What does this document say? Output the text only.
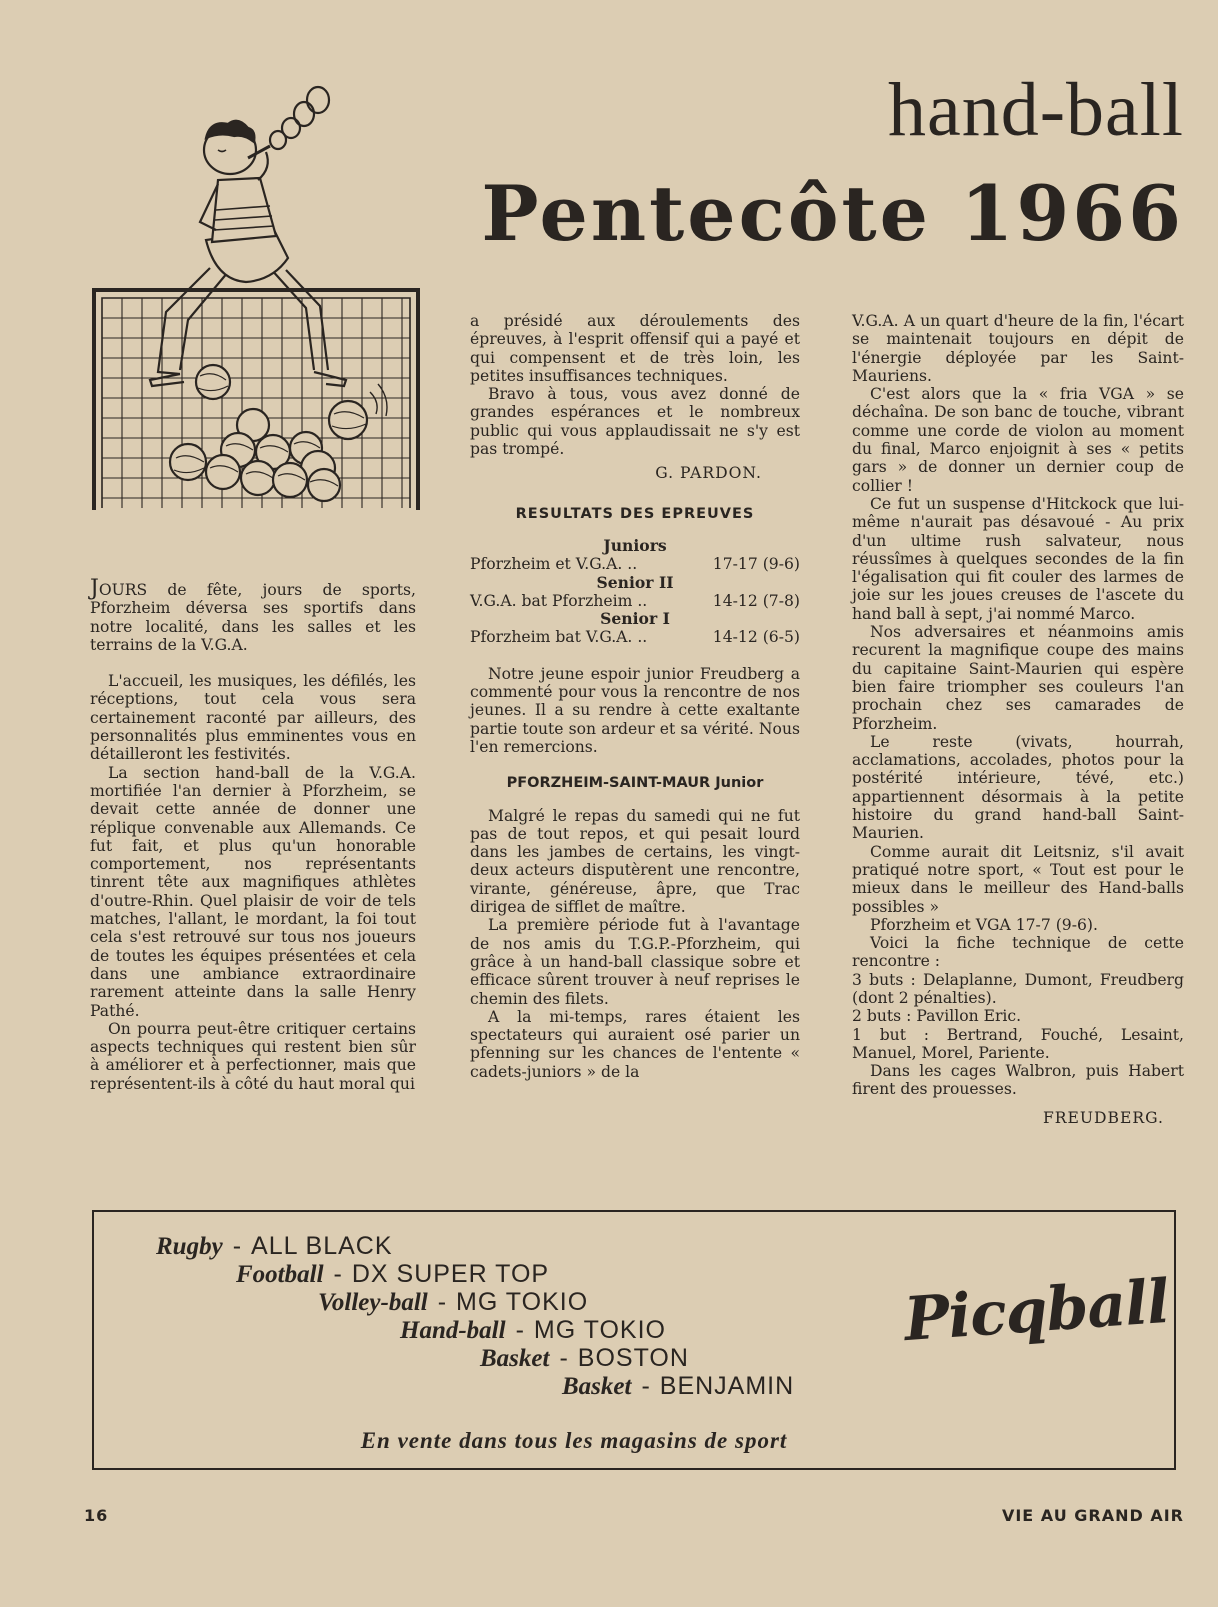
hand-ball
Pentecôte 1966

JOURS de fête, jours de sports, Pforzheim déversa ses sportifs dans notre localité, dans les salles et les terrains de la V.G.A.

L'accueil, les musiques, les défilés, les réceptions, tout cela vous sera certainement raconté par ailleurs, des personnalités plus emminentes vous en détailleront les festivités.

La section hand-ball de la V.G.A. mortifiée l'an dernier à Pforzheim, se devait cette année de donner une réplique convenable aux Allemands. Ce fut fait, et plus qu'un honorable comportement, nos représentants tinrent tête aux magnifiques athlètes d'outre-Rhin. Quel plaisir de voir de tels matches, l'allant, le mordant, la foi tout cela s'est retrouvé sur tous nos joueurs de toutes les équipes présentées et cela dans une ambiance extraordinaire rarement atteinte dans la salle Henry Pathé.

On pourra peut-être critiquer certains aspects techniques qui restent bien sûr à améliorer et à perfectionner, mais que représentent-ils à côté du haut moral qui

a présidé aux déroulements des épreuves, à l'esprit offensif qui a payé et qui compensent et de très loin, les petites insuffisances techniques.

Bravo à tous, vous avez donné de grandes espérances et le nombreux public qui vous applaudissait ne s'y est pas trompé.

G. PARDON.
RESULTATS DES EPREUVES
Juniors
Pforzheim et V.G.A. ..	17-17 (9-6)
Senior II
V.G.A. bat Pforzheim ..	14-12 (7-8)
Senior I
Pforzheim bat V.G.A. ..	14-12 (6-5)

Notre jeune espoir junior Freudberg a commenté pour vous la rencontre de nos jeunes. Il a su rendre à cette exaltante partie toute son ardeur et sa vérité. Nous l'en remercions.

PFORZHEIM-SAINT-MAUR Junior

Malgré le repas du samedi qui ne fut pas de tout repos, et qui pesait lourd dans les jambes de certains, les vingt-deux acteurs disputèrent une rencontre, virante, généreuse, âpre, que Trac dirigea de sifflet de maître.

La première période fut à l'avantage de nos amis du T.G.P.-Pforzheim, qui grâce à un hand-ball classique sobre et efficace sûrent trouver à neuf reprises le chemin des filets.

A la mi-temps, rares étaient les spectateurs qui auraient osé parier un pfenning sur les chances de l'entente « cadets-juniors » de la

V.G.A. A un quart d'heure de la fin, l'écart se maintenait toujours en dépit de l'énergie déployée par les Saint-Mauriens.

C'est alors que la « fria VGA » se déchaîna. De son banc de touche, vibrant comme une corde de violon au moment du final, Marco enjoignit à ses « petits gars » de donner un dernier coup de collier !

Ce fut un suspense d'Hitckock que lui-même n'aurait pas désavoué - Au prix d'un ultime rush salvateur, nous réussîmes à quelques secondes de la fin l'égalisation qui fit couler des larmes de joie sur les joues creuses de l'ascete du hand ball à sept, j'ai nommé Marco.

Nos adversaires et néanmoins amis recurent la magnifique coupe des mains du capitaine Saint-Maurien qui espère bien faire triompher ses couleurs l'an prochain chez ses camarades de Pforzheim.

Le reste (vivats, hourrah, acclamations, accolades, photos pour la postérité intérieure, tévé, etc.) appartiennent désormais à la petite histoire du grand hand-ball Saint-Maurien.

Comme aurait dit Leitsniz, s'il avait pratiqué notre sport, « Tout est pour le mieux dans le meilleur des Hand-balls possibles »

Pforzheim et VGA 17-7 (9-6).

Voici la fiche technique de cette rencontre :

3 buts : Delaplanne, Dumont, Freudberg (dont 2 pénalties).

2 buts : Pavillon Eric.

1 but : Bertrand, Fouché, Lesaint, Manuel, Morel, Pariente.

Dans les cages Walbron, puis Habert firent des prouesses.

FREUDBERG.
Rugby - ALL BLACK
Football - DX SUPER TOP
Volley-ball - MG TOKIO
Hand-ball - MG TOKIO
Basket - BOSTON
Basket - BENJAMIN
Picqball
En vente dans tous les magasins de sport
16	VIE AU GRAND AIR
